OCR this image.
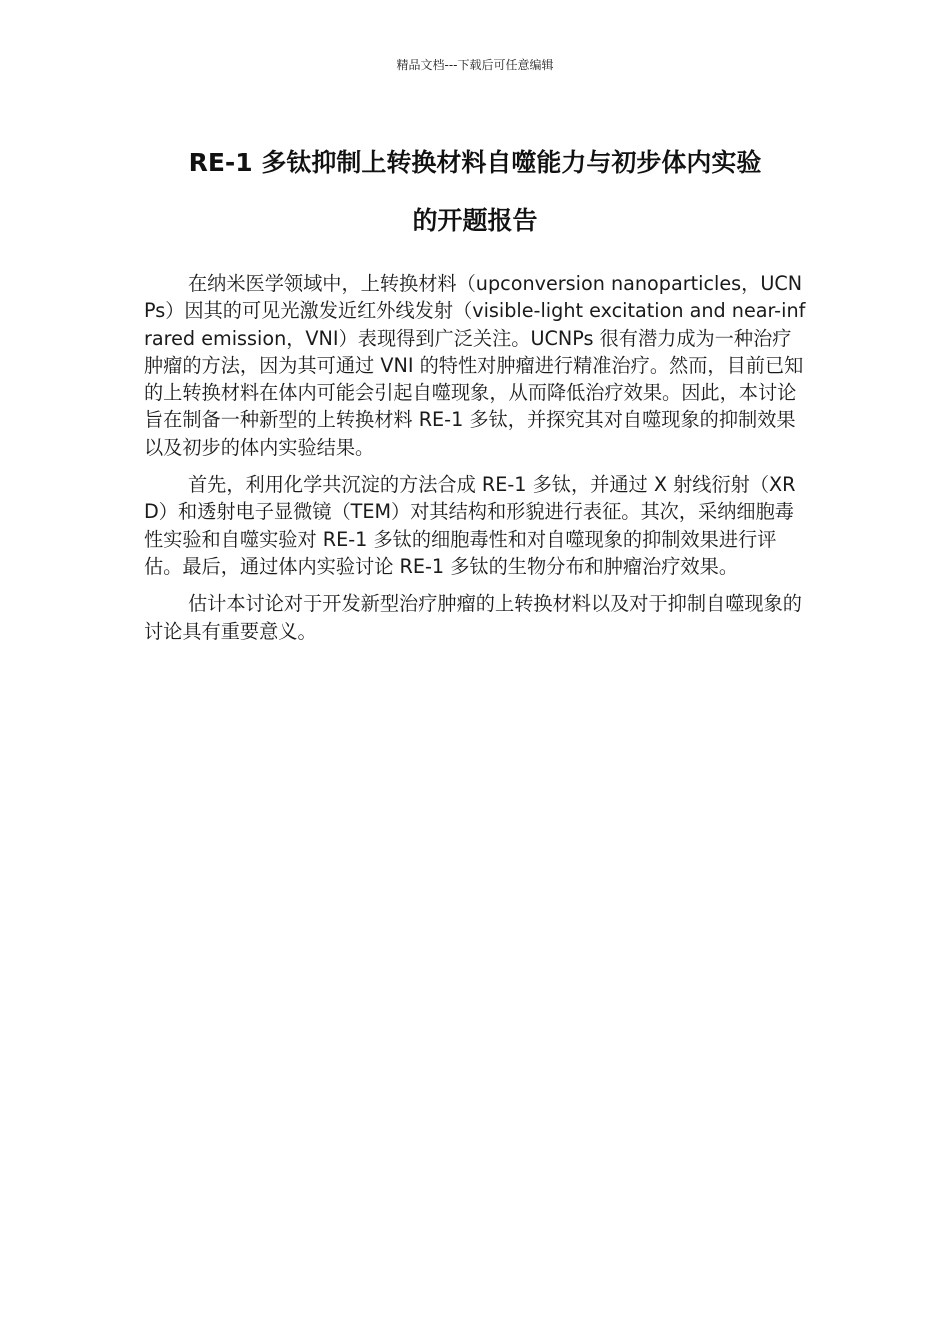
精品文档---下载后可任意编辑
RE-1 多钛抑制上转换材料自噬能力与初步体内实验
的开题报告

在纳米医学领域中，上转换材料（upconversion nanoparticles，UCNPs）因其的可见光激发近红外线发射（visible-light excitation and near-infrared emission，VNI）表现得到广泛关注。UCNPs 很有潜力成为一种治疗肿瘤的方法，因为其可通过 VNI 的特性对肿瘤进行精准治疗。然而，目前已知的上转换材料在体内可能会引起自噬现象，从而降低治疗效果。因此，本讨论旨在制备一种新型的上转换材料 RE-1 多钛，并探究其对自噬现象的抑制效果以及初步的体内实验结果。

首先，利用化学共沉淀的方法合成 RE-1 多钛，并通过 X 射线衍射（XRD）和透射电子显微镜（TEM）对其结构和形貌进行表征。其次，采纳细胞毒性实验和自噬实验对 RE-1 多钛的细胞毒性和对自噬现象的抑制效果进行评估。最后，通过体内实验讨论 RE-1 多钛的生物分布和肿瘤治疗效果。

估计本讨论对于开发新型治疗肿瘤的上转换材料以及对于抑制自噬现象的讨论具有重要意义。
